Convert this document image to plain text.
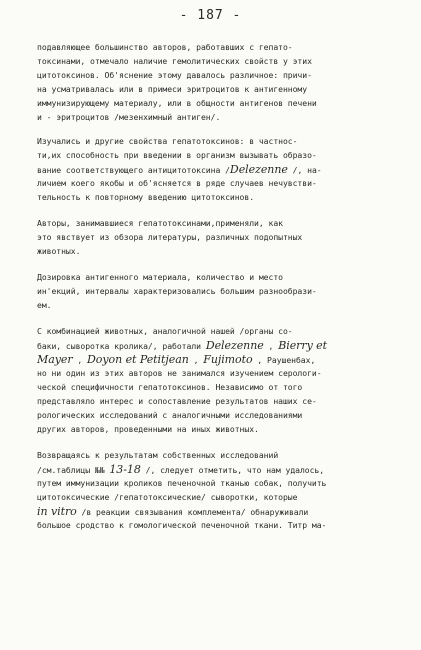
- 187 -
подавляющее большинство авторов, работавших с гепато-
токсинами, отмечало наличие гемолитических свойств у этих
цитотоксинов. Об'яснение этому давалось различное: причи-
на усматривалась или в примеси эритроцитов к антигенному
иммунизирующему материалу, или в общности антигенов печени
и - эритроцитов /мезенхимный антиген/.
Изучались и другие свойства гепатотоксинов: в частнос-
ти,их способность при введении в организм вызывать образо-
вание соответствующего антицитотоксина /Delezenne /, на-
личием коего якобы и об'ясняется в ряде случаев нечувстви-
тельность к повторному введению цитотоксинов.
Авторы, занимавшиеся гепатотоксинами,применяли, как
это явствует из обзора литературы, различных подопытных
животных.
Дозировка антигенного материала, количество и место
ин'екций, интервалы характеризовались большим разнообрази-
ем.
С комбинацией животных, аналогичной нашей /органы со-
баки, сыворотка кролика/, работали Delezenne , Bierry et
Mayer , Doyon et Petitjean , Fujimoto , Раушенбах,
но ни один из этих авторов не занимался изучением серологи-
ческой специфичности гепатотоксинов. Независимо от того
представляло интерес и сопоставление результатов наших се-
рологических исследований с аналогичными исследованиями
других авторов, проведенными на иных животных.
Возвращаясь к результатам собственных исследований
/см.таблицы №№ 13-18 /, следует отметить, что нам удалось,
путем иммунизации кроликов печеночной тканью собак, получить
цитотоксические /гепатотоксические/ сыворотки, которые
in vitro /в реакции связывания комплемента/ обнаруживали
большое сродство к гомологической печеночной ткани. Титр ма-
